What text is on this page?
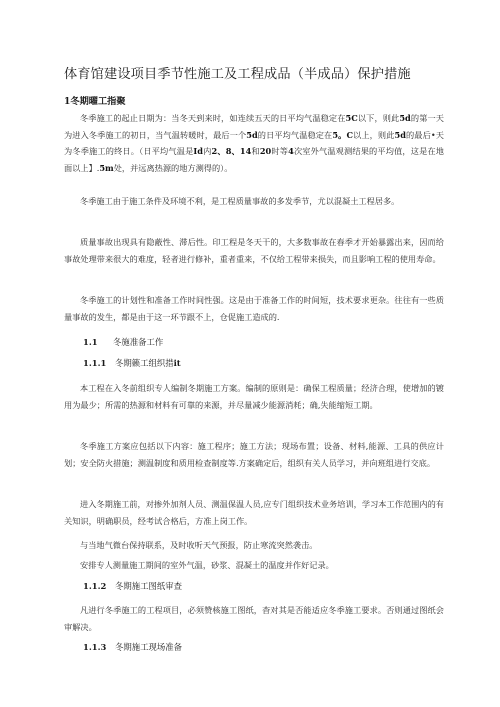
体育馆建设项目季节性施工及工程成品（半成品）保护措施
1冬期曜工指聚
冬季施工的起止日期为：当冬天到来时，如连续五天的日平均气温稳定在5C以下，则此5d的第一天为进入冬季施工的初日，当气温转暖时，最后一个5d的日平均气温稳定在5。C以上，则此5d的最后•天为冬季施工的终日。（日平均气温是Id内2、8、14和20时等4次室外气温观测结果的平均值，这是在地面以上】.5m处，并远离热源的地方测得的）。
冬季施工由于施工条件及环境不利，是工程质量事故的多发季节，尤以混凝土工程居多。
质量事故出现具有隐蔽性、滞后性。印工程是冬天干的，大多数事故在春季才开始暴露出来，因而给事故处理带来很大的难度，轻者进行修补，重者重来，不仅给工程带来损失，而且影响工程的使用寿命。
冬季施工的计划性和准备工作时间性强。这是由于准备工作的时间短，技术要求更杂。往往有一些质量事故的发生，都是由于这一环节跟不上，仓促施工造成的.
1.1 冬施准备工作
1.1.1 冬期籁工组织措it
本工程在入冬前组织专人编制冬期施工方案。编制的原则是：确保工程质量；经济合理，使增加的镀用为最少；所需的热源和材料有可靠的来源，并尽量减少能源消耗；确,失能缩短工期。
冬季施工方案应包括以下内容：施工程序；施工方法；现场布置；设备、材料,能源、工具的供应计划；安全防火措施；测温制度和质用检查制度等.方案确定后，组织有关人员学习，并向班组进行交底。
进入冬期施工前，对掺外加剂人员、测温保温人员,应专门组织技术业务培训，学习本工作范围内的有关知识，明确职员，经考试合格后，方准上岗工作。
与当地气微台保持联系，及时收听天气预报，防止寒流突然袭击。
安排专人测量施工期间的室外气温，砂浆、混凝土的温度并作好记录。
1.1.2 冬期施工图纸审查
凡进行冬季施工的工程项目，必须赞核施工图纸，杳对其是否能适应冬季施工要求。否则通过图纸会审解决。
1.1.3 冬期施工现场准备
